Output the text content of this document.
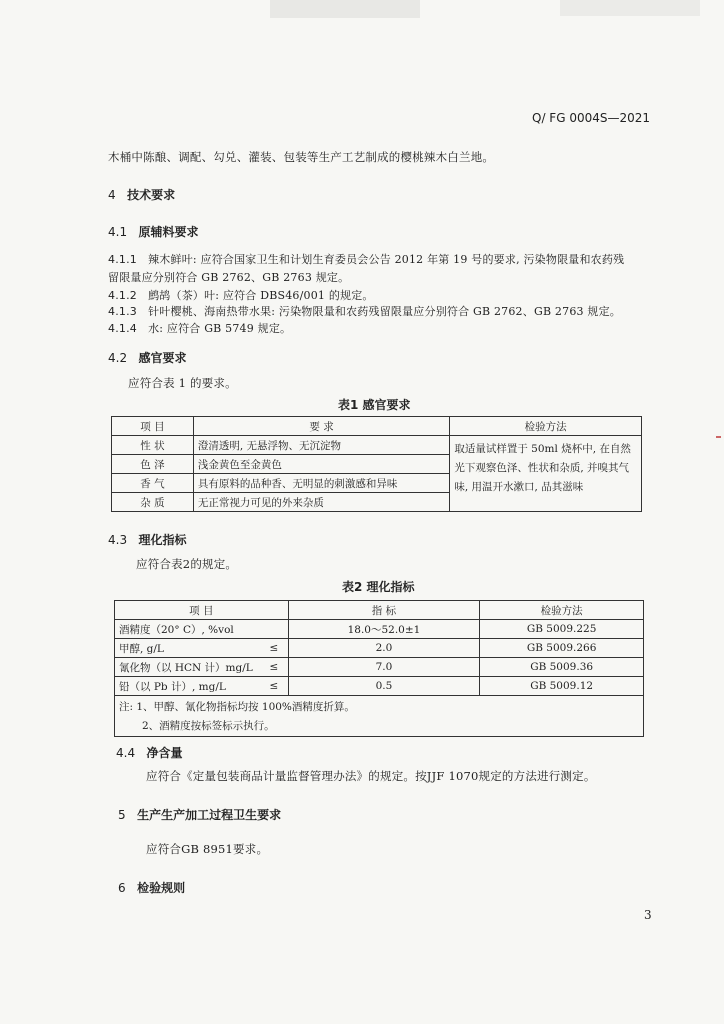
Q/ FG 0004S—2021
木桶中陈酿、调配、勾兑、灌装、包装等生产工艺制成的樱桃辣木白兰地。
4 技术要求
4.1 原辅料要求
4.1.1 辣木鲜叶: 应符合国家卫生和计划生育委员会公告 2012 年第 19 号的要求, 污染物限量和农药残
留限量应分别符合 GB 2762、GB 2763 规定。
4.1.2 鹧鸪（茶）叶: 应符合 DBS46/001 的规定。
4.1.3 针叶樱桃、海南热带水果: 污染物限量和农药残留限量应分别符合 GB 2762、GB 2763 规定。
4.1.4 水: 应符合 GB 5749 规定。
4.2 感官要求
应符合表 1 的要求。
表1 感官要求
项 目	要 求	检验方法
性 状	澄清透明, 无悬浮物、无沉淀物	取适量试样置于 50ml 烧杯中, 在自然
光下观察色泽、性状和杂质, 并嗅其气
味, 用温开水漱口, 品其滋味

色 泽	浅金黄色至金黄色	
香 气	具有原料的品种香、无明显的刺激感和异味	
杂 质	无正常视力可见的外来杂质	
4.3 理化指标
应符合表2的规定。
表2 理化指标
项 目		指 标	检验方法
酒精度（20° C）, %vol		18.0～52.0±1	GB 5009.225
甲醇, g/L	≤	2.0	GB 5009.266
氰化物（以 HCN 计）mg/L	≤	7.0	GB 5009.36
铅（以 Pb 计）, mg/L	≤	0.5	GB 5009.12

注: 1、甲醇、氰化物指标均按 100%酒精度折算。
2、酒精度按标签标示执行。			
4.4 净含量
应符合《定量包装商品计量监督管理办法》的规定。按JJF 1070规定的方法进行测定。
5 生产生产加工过程卫生要求
应符合GB 8951要求。
6 检验规则
3
